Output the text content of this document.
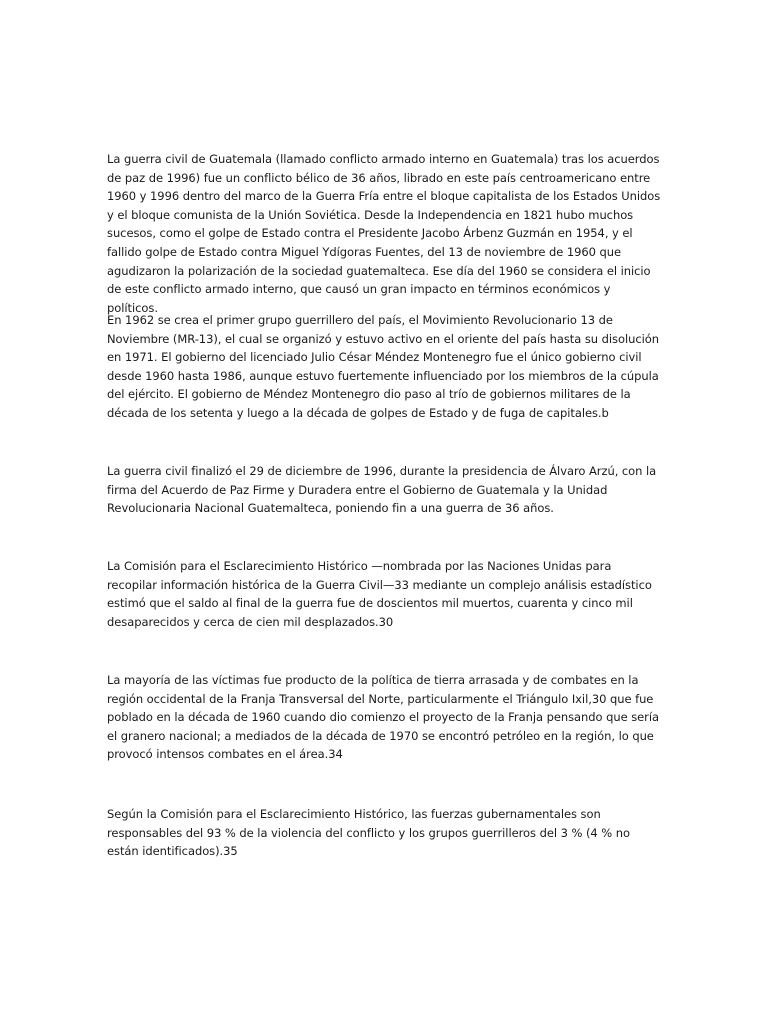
La guerra civil de Guatemala (llamado conflicto armado interno en Guatemala) tras los acuerdos de paz de 1996) fue un conflicto bélico de 36 años, librado en este país centroamericano entre 1960 y 1996 dentro del marco de la Guerra Fría entre el bloque capitalista de los Estados Unidos y el bloque comunista de la Unión Soviética. Desde la Independencia en 1821 hubo muchos sucesos, como el golpe de Estado contra el Presidente Jacobo Árbenz Guzmán en 1954, y el fallido golpe de Estado contra Miguel Ydígoras Fuentes, del 13 de noviembre de 1960 que agudizaron la polarización de la sociedad guatemalteca. Ese día del 1960 se considera el inicio de este conflicto armado interno, que causó un gran impacto en términos económicos y políticos.

En 1962 se crea el primer grupo guerrillero del país, el Movimiento Revolucionario 13 de Noviembre (MR-13), el cual se organizó y estuvo activo en el oriente del país hasta su disolución en 1971. El gobierno del licenciado Julio César Méndez Montenegro fue el único gobierno civil desde 1960 hasta 1986, aunque estuvo fuertemente influenciado por los miembros de la cúpula del ejército. El gobierno de Méndez Montenegro dio paso al trío de gobiernos militares de la década de los setenta y luego a la década de golpes de Estado y de fuga de capitales.b

La guerra civil finalizó el 29 de diciembre de 1996, durante la presidencia de Álvaro Arzú, con la firma del Acuerdo de Paz Firme y Duradera entre el Gobierno de Guatemala y la Unidad Revolucionaria Nacional Guatemalteca, poniendo fin a una guerra de 36 años.

La Comisión para el Esclarecimiento Histórico —nombrada por las Naciones Unidas para recopilar información histórica de la Guerra Civil—33 mediante un complejo análisis estadístico estimó que el saldo al final de la guerra fue de doscientos mil muertos, cuarenta y cinco mil desaparecidos y cerca de cien mil desplazados.30

La mayoría de las víctimas fue producto de la política de tierra arrasada y de combates en la región occidental de la Franja Transversal del Norte, particularmente el Triángulo Ixil,30 que fue poblado en la década de 1960 cuando dio comienzo el proyecto de la Franja pensando que sería el granero nacional; a mediados de la década de 1970 se encontró petróleo en la región, lo que provocó intensos combates en el área.34

Según la Comisión para el Esclarecimiento Histórico, las fuerzas gubernamentales son responsables del 93 % de la violencia del conflicto y los grupos guerrilleros del 3 % (4 % no están identificados).35
